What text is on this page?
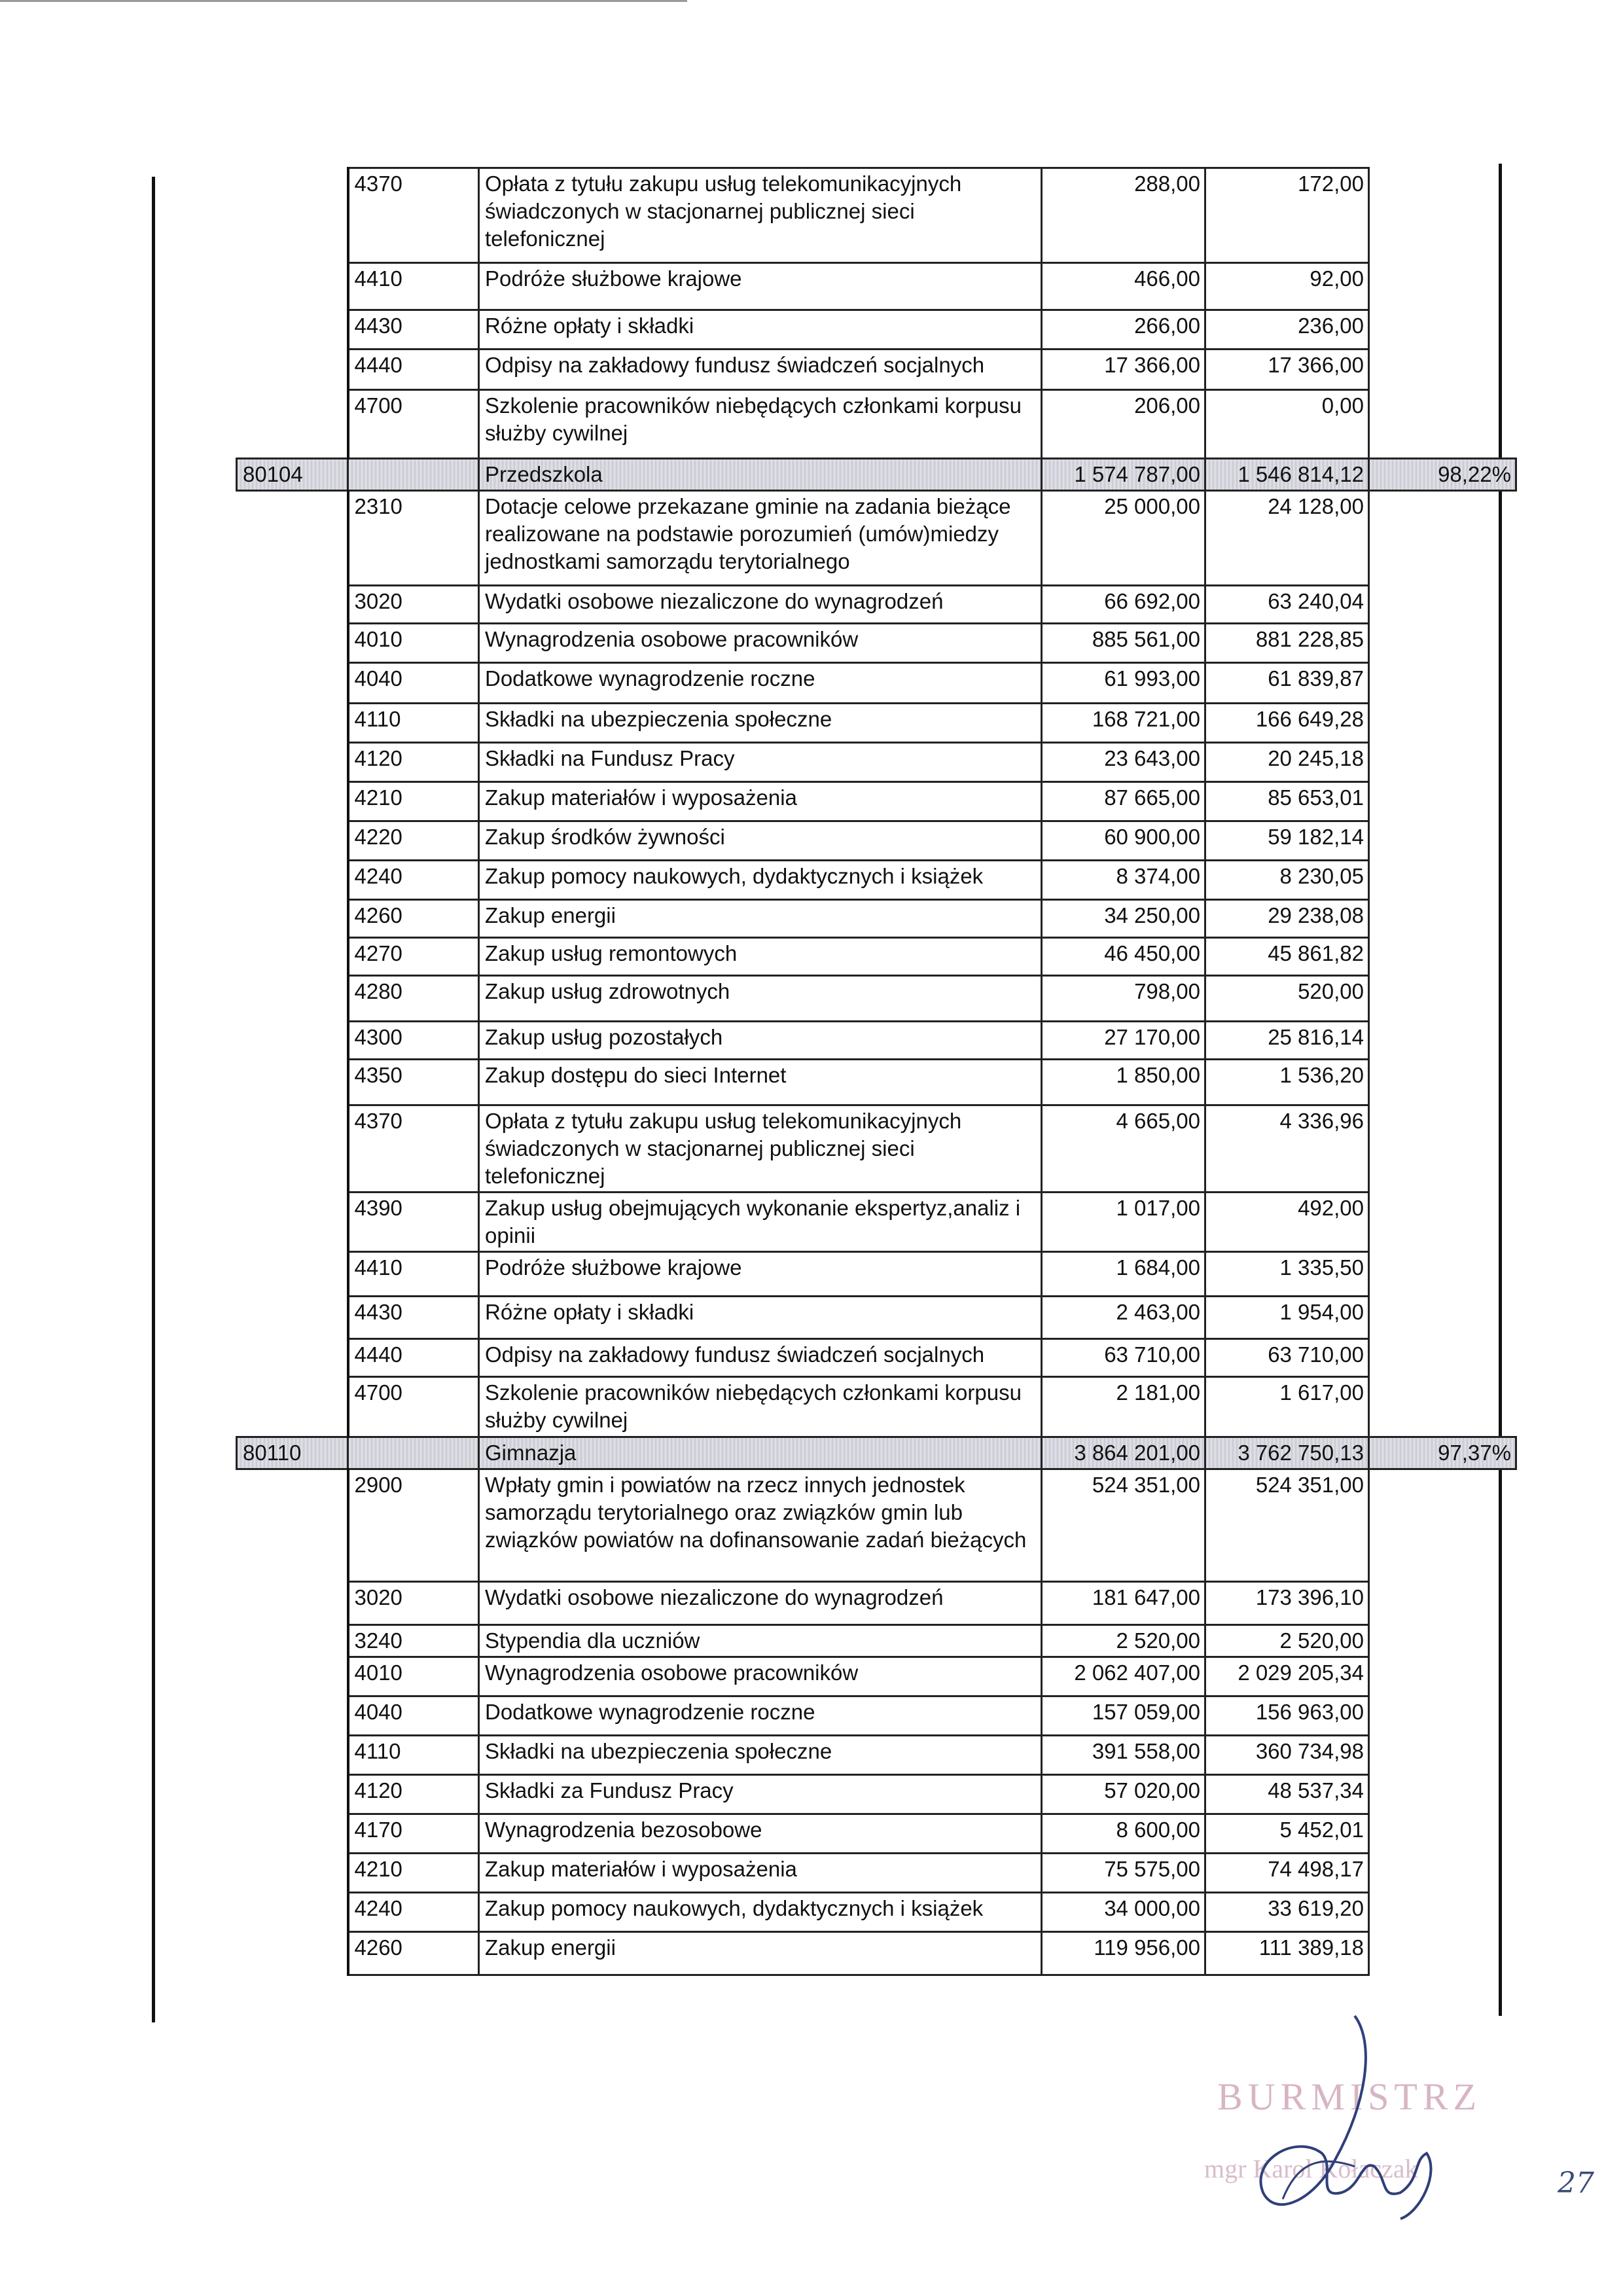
	4370	Opłata z tytułu zakupu usług telekomunikacyjnych świadczonych w stacjonarnej publicznej sieci telefonicznej	288,00	172,00	
	4410	Podróże służbowe krajowe	466,00	92,00	
	4430	Różne opłaty i składki	266,00	236,00	
	4440	Odpisy na zakładowy fundusz świadczeń socjalnych	17 366,00	17 366,00	
	4700	Szkolenie pracowników niebędących członkami korpusu służby cywilnej	206,00	0,00	
80104		Przedszkola	1 574 787,00	1 546 814,12	98,22%
	2310	Dotacje celowe przekazane gminie na zadania bieżące realizowane na podstawie porozumień (umów)miedzy jednostkami samorządu terytorialnego	25 000,00	24 128,00	
	3020	Wydatki osobowe niezaliczone do wynagrodzeń	66 692,00	63 240,04	
	4010	Wynagrodzenia osobowe pracowników	885 561,00	881 228,85	
	4040	Dodatkowe wynagrodzenie roczne	61 993,00	61 839,87	
	4110	Składki na ubezpieczenia społeczne	168 721,00	166 649,28	
	4120	Składki na Fundusz Pracy	23 643,00	20 245,18	
	4210	Zakup materiałów i wyposażenia	87 665,00	85 653,01	
	4220	Zakup środków żywności	60 900,00	59 182,14	
	4240	Zakup pomocy naukowych, dydaktycznych i książek	8 374,00	8 230,05	
	4260	Zakup energii	34 250,00	29 238,08	
	4270	Zakup usług remontowych	46 450,00	45 861,82	
	4280	Zakup usług zdrowotnych	798,00	520,00	
	4300	Zakup usług pozostałych	27 170,00	25 816,14	
	4350	Zakup dostępu do sieci Internet	1 850,00	1 536,20	
	4370	Opłata z tytułu zakupu usług telekomunikacyjnych świadczonych w stacjonarnej publicznej sieci telefonicznej	4 665,00	4 336,96	
	4390	Zakup usług obejmujących wykonanie ekspertyz,analiz i opinii	1 017,00	492,00	
	4410	Podróże służbowe krajowe	1 684,00	1 335,50	
	4430	Różne opłaty i składki	2 463,00	1 954,00	
	4440	Odpisy na zakładowy fundusz świadczeń socjalnych	63 710,00	63 710,00	
	4700	Szkolenie pracowników niebędących członkami korpusu służby cywilnej	2 181,00	1 617,00	
80110		Gimnazja	3 864 201,00	3 762 750,13	97,37%
	2900	Wpłaty gmin i powiatów na rzecz innych jednostek samorządu terytorialnego oraz związków gmin lub związków powiatów na dofinansowanie zadań bieżących	524 351,00	524 351,00	
	3020	Wydatki osobowe niezaliczone do wynagrodzeń	181 647,00	173 396,10	
	3240	Stypendia dla uczniów	2 520,00	2 520,00	
	4010	Wynagrodzenia osobowe pracowników	2 062 407,00	2 029 205,34	
	4040	Dodatkowe wynagrodzenie roczne	157 059,00	156 963,00	
	4110	Składki na ubezpieczenia społeczne	391 558,00	360 734,98	
	4120	Składki za Fundusz Pracy	57 020,00	48 537,34	
	4170	Wynagrodzenia bezosobowe	8 600,00	5 452,01	
	4210	Zakup materiałów i wyposażenia	75 575,00	74 498,17	
	4240	Zakup pomocy naukowych, dydaktycznych i książek	34 000,00	33 619,20	
	4260	Zakup energii	119 956,00	111 389,18	
BURMISTRZ
mgr Karol Kołaczak	27
